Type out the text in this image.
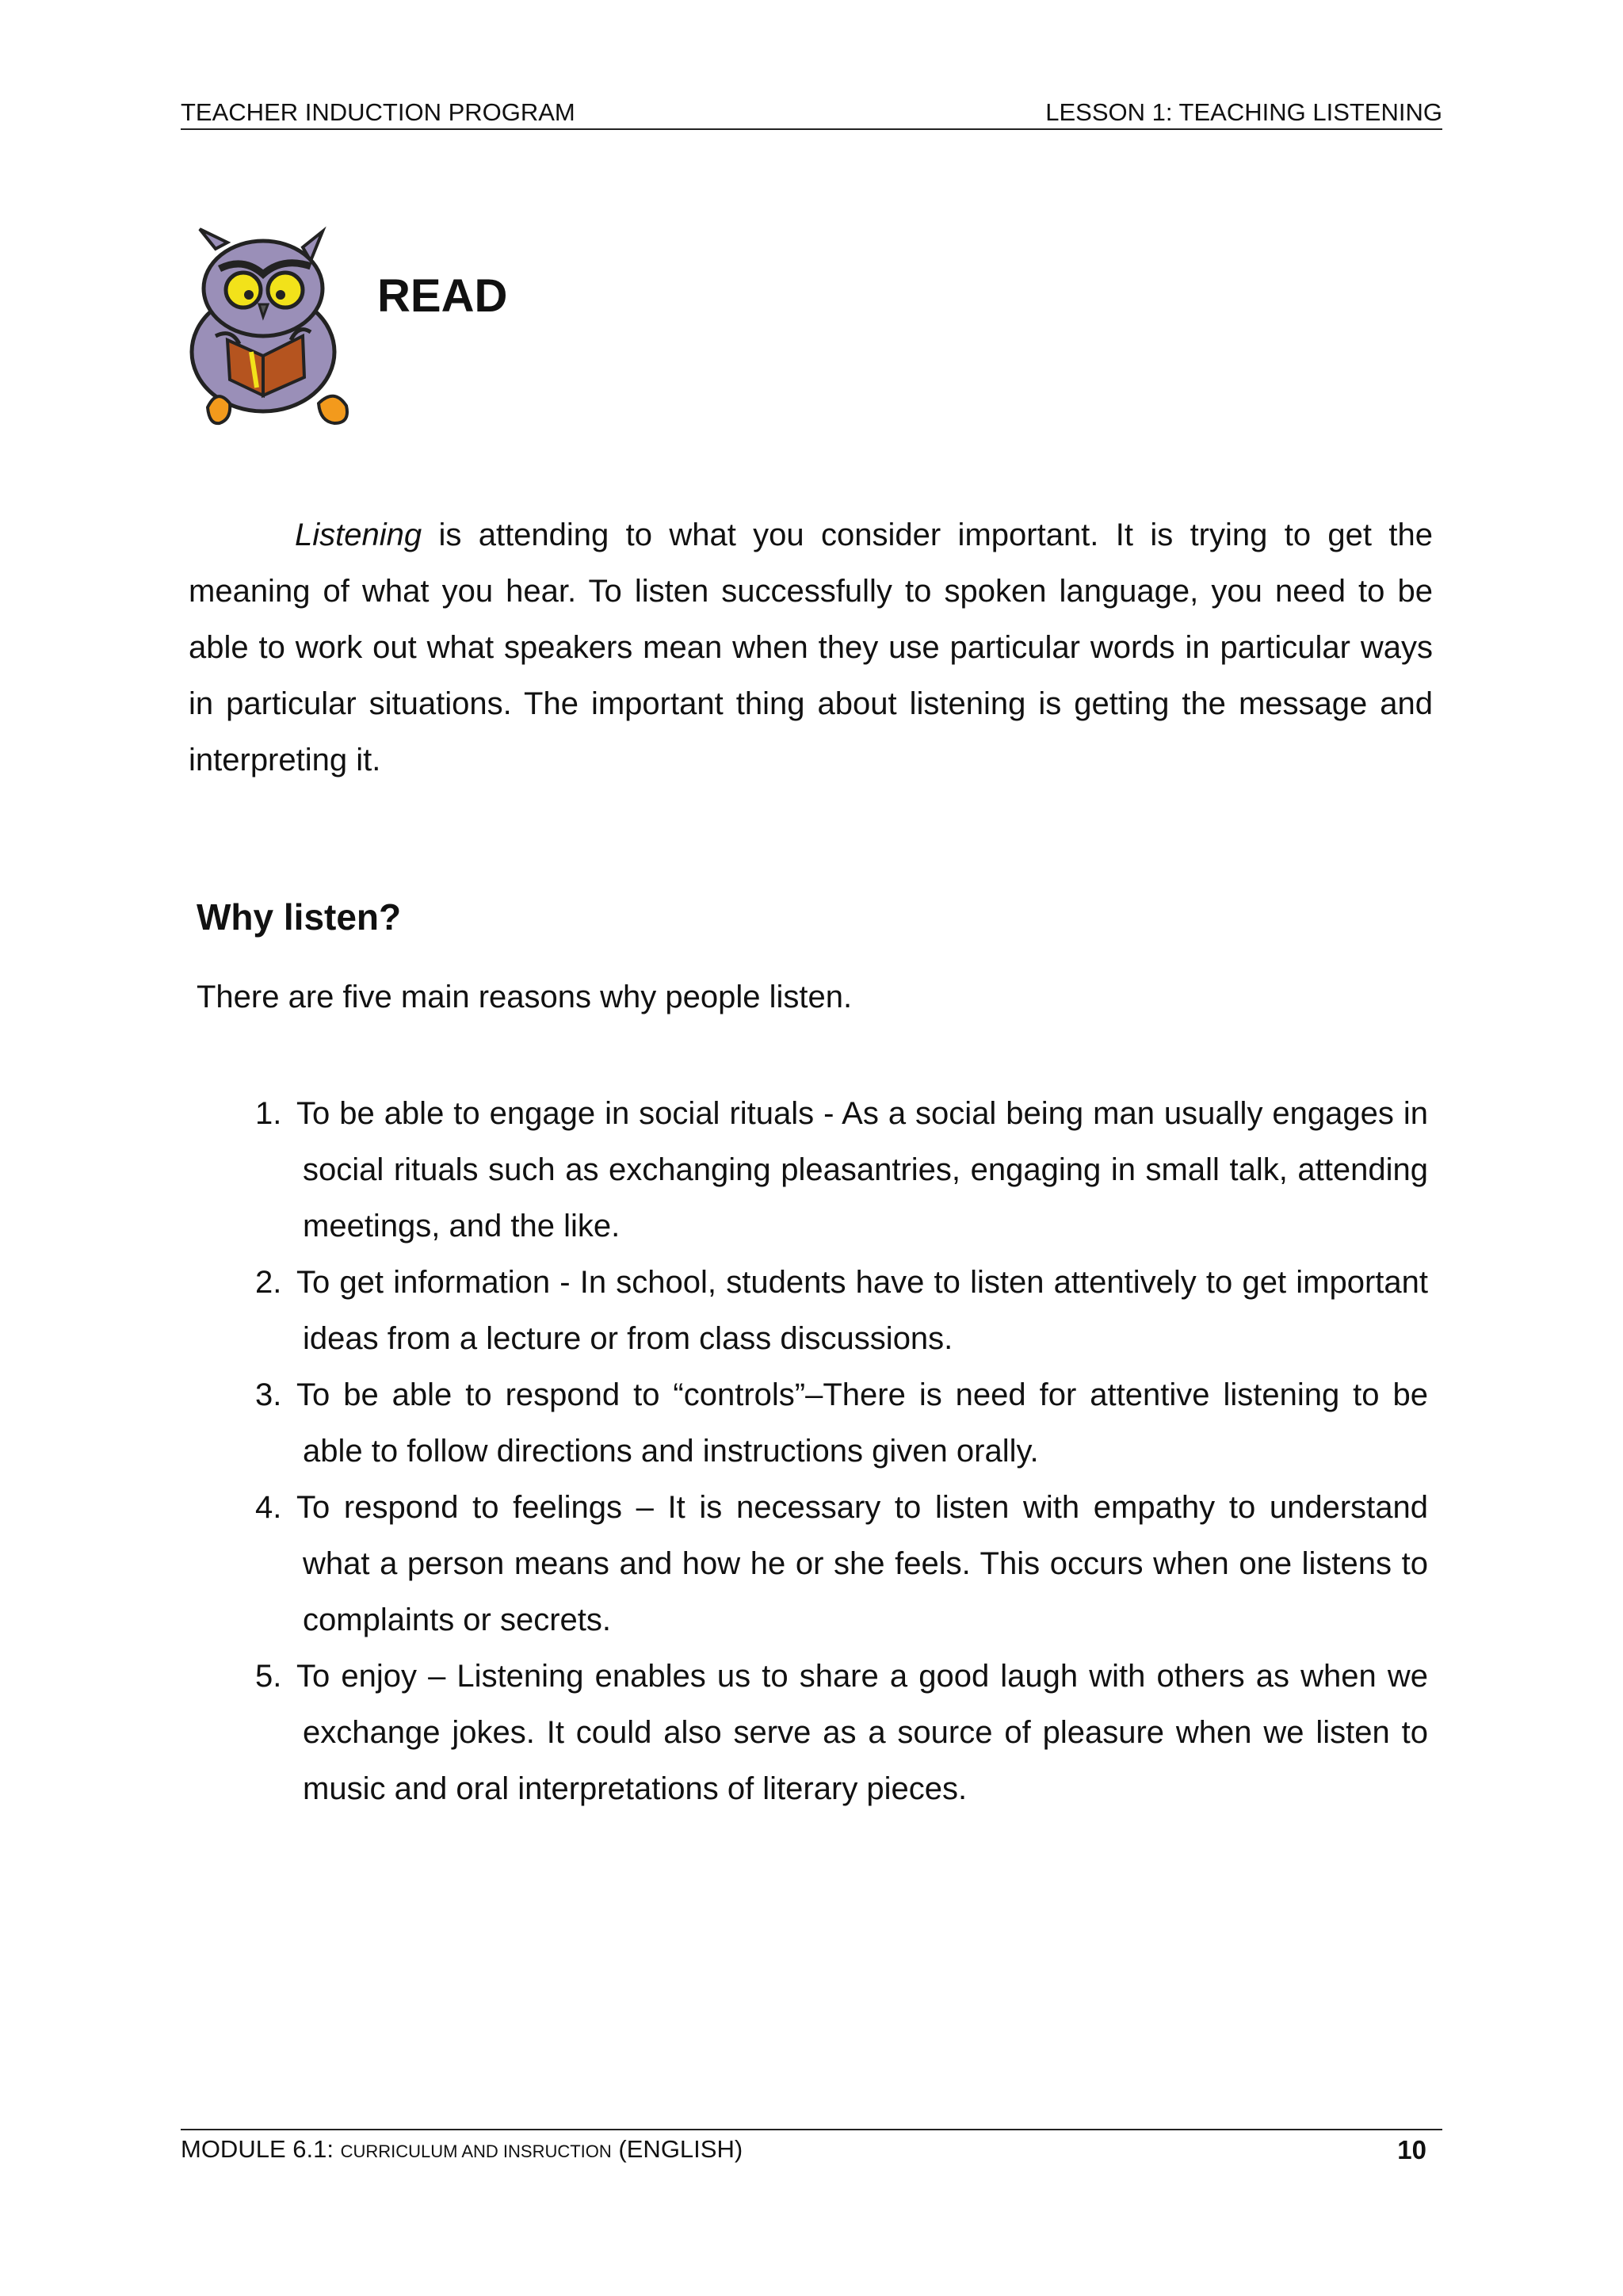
TEACHER INDUCTION PROGRAM	LESSON 1: TEACHING LISTENING
READ

Listening is attending to what you consider important. It is trying to get the meaning of what you hear. To listen successfully to spoken language, you need to be able to work out what speakers mean when they use particular words in particular ways in particular situations. The important thing about listening is getting the message and interpreting it.

Why listen?

There are five main reasons why people listen.

1. To be able to engage in social rituals - As a social being man usually engages in social rituals such as exchanging pleasantries, engaging in small talk, attending meetings, and the like.
2. To get information - In school, students have to listen attentively to get important ideas from a lecture or from class discussions.
3. To be able to respond to “controls”–There is need for attentive listening to be able to follow directions and instructions given orally.
4. To respond to feelings – It is necessary to listen with empathy to understand what a person means and how he or she feels. This occurs when one listens to complaints or secrets.
5. To enjoy – Listening enables us to share a good laugh with others as when we exchange jokes. It could also serve as a source of pleasure when we listen to music and oral interpretations of literary pieces.
MODULE 6.1: CURRICULUM AND INSRUCTION (ENGLISH)	10
